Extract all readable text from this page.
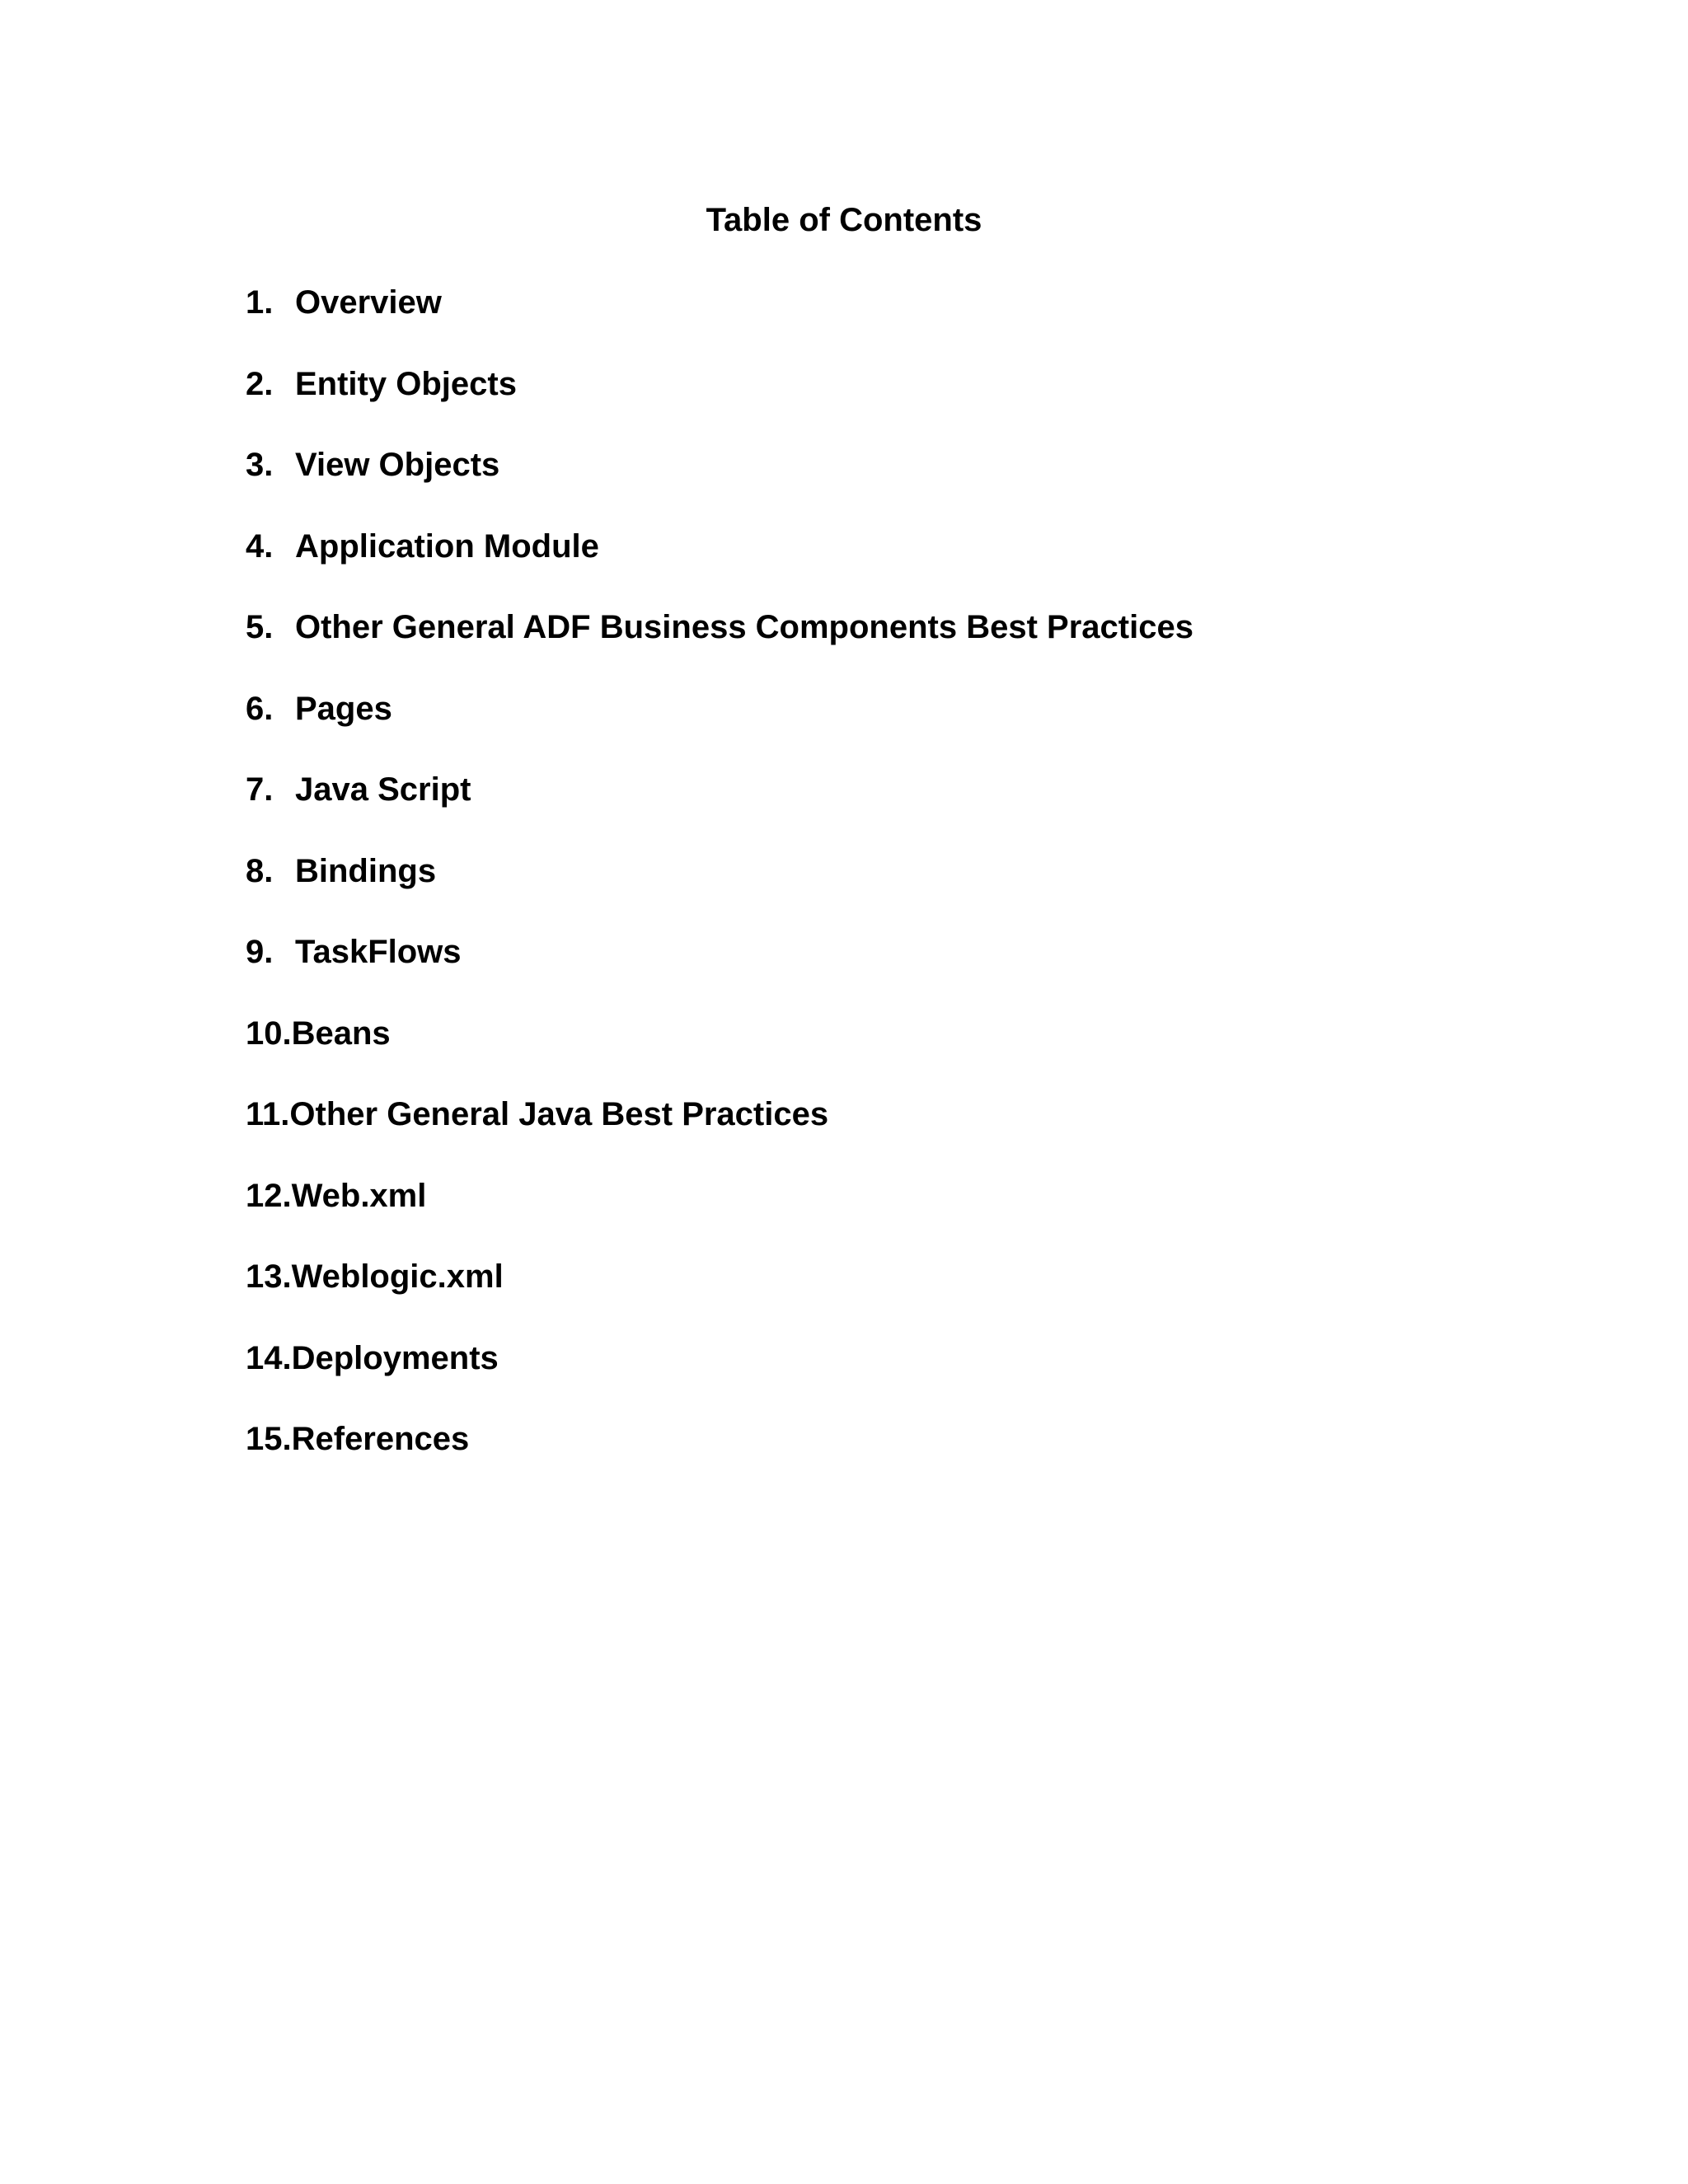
Table of Contents
1. Overview
2. Entity Objects
3. View Objects
4. Application Module
5. Other General ADF Business Components Best Practices
6. Pages
7. Java Script
8. Bindings
9. TaskFlows
10. Beans
11. Other General Java Best Practices
12. Web.xml
13. Weblogic.xml
14. Deployments
15. References
